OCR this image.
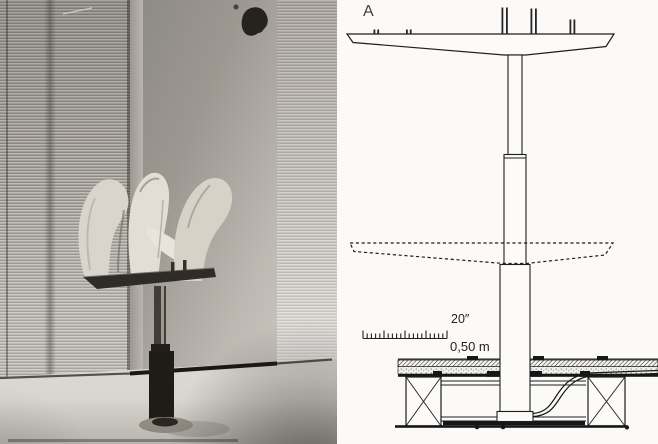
A
20″
0,50 m
